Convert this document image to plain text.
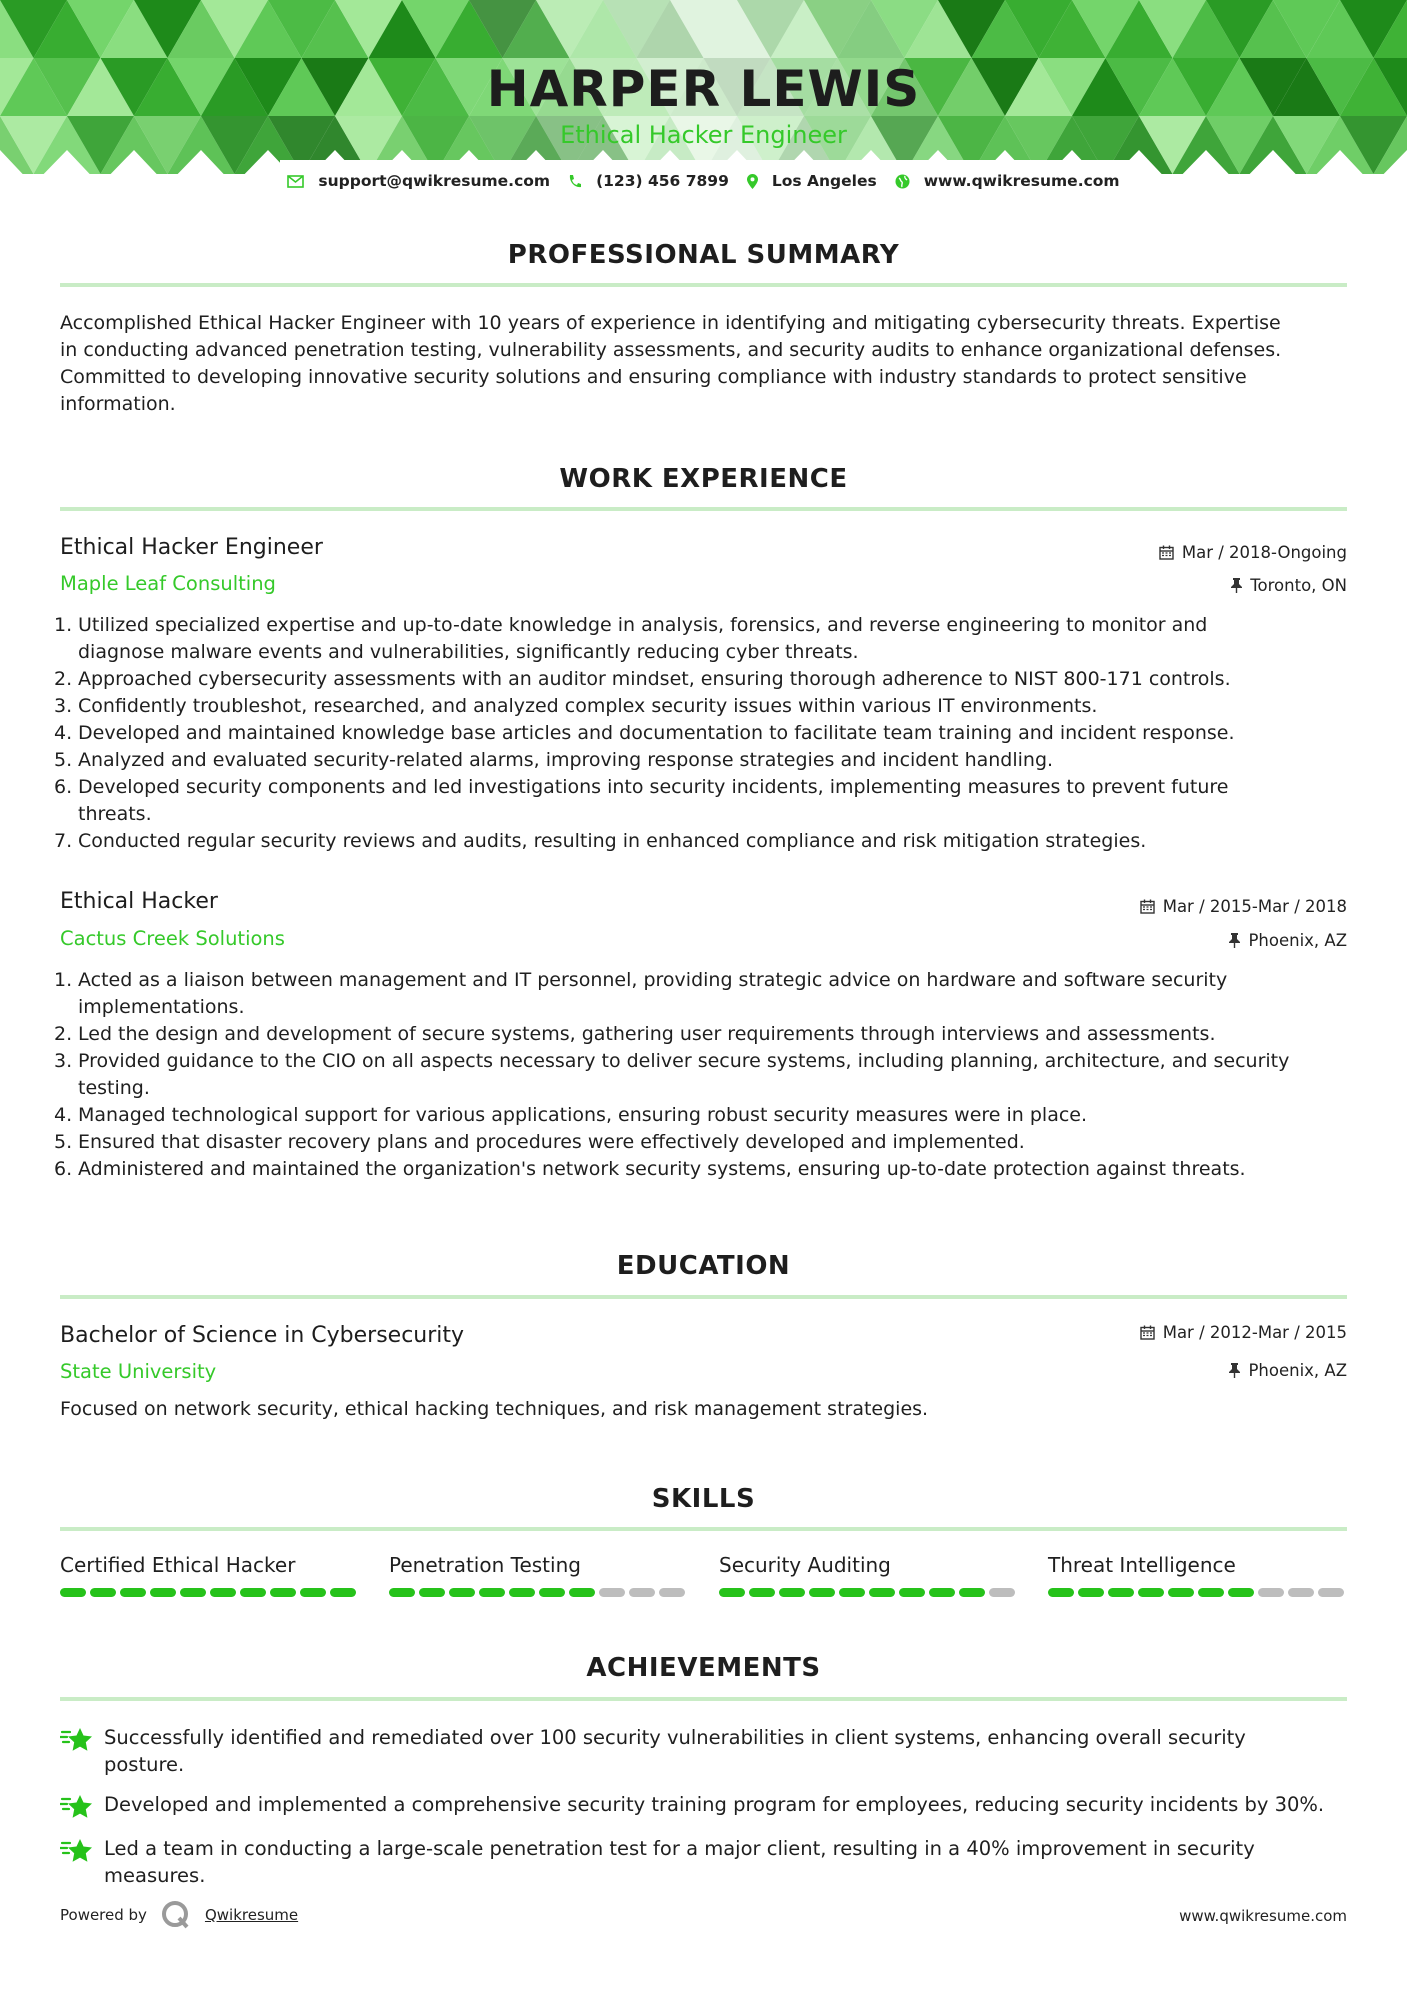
HARPER LEWIS
Ethical Hacker Engineer
support@qwikresume.com	(123) 456 7899	Los Angeles	www.qwikresume.com
PROFESSIONAL SUMMARY
Accomplished Ethical Hacker Engineer with 10 years of experience in identifying and mitigating cybersecurity threats. Expertise
in conducting advanced penetration testing, vulnerability assessments, and security audits to enhance organizational defenses.
Committed to developing innovative security solutions and ensuring compliance with industry standards to protect sensitive
information.
WORK EXPERIENCE
Ethical Hacker Engineer	Mar / 2018-Ongoing
Maple Leaf Consulting	Toronto, ON
1. Utilized specialized expertise and up-to-date knowledge in analysis, forensics, and reverse engineering to monitor and
diagnose malware events and vulnerabilities, significantly reducing cyber threats.
2. Approached cybersecurity assessments with an auditor mindset, ensuring thorough adherence to NIST 800-171 controls.
3. Confidently troubleshot, researched, and analyzed complex security issues within various IT environments.
4. Developed and maintained knowledge base articles and documentation to facilitate team training and incident response.
5. Analyzed and evaluated security-related alarms, improving response strategies and incident handling.
6. Developed security components and led investigations into security incidents, implementing measures to prevent future
threats.
7. Conducted regular security reviews and audits, resulting in enhanced compliance and risk mitigation strategies.
Ethical Hacker	Mar / 2015-Mar / 2018
Cactus Creek Solutions	Phoenix, AZ
1. Acted as a liaison between management and IT personnel, providing strategic advice on hardware and software security
implementations.
2. Led the design and development of secure systems, gathering user requirements through interviews and assessments.
3. Provided guidance to the CIO on all aspects necessary to deliver secure systems, including planning, architecture, and security
testing.
4. Managed technological support for various applications, ensuring robust security measures were in place.
5. Ensured that disaster recovery plans and procedures were effectively developed and implemented.
6. Administered and maintained the organization's network security systems, ensuring up-to-date protection against threats.
EDUCATION
Bachelor of Science in Cybersecurity	Mar / 2012-Mar / 2015
State University	Phoenix, AZ
Focused on network security, ethical hacking techniques, and risk management strategies.
SKILLS
Certified Ethical Hacker	Penetration Testing	Security Auditing	Threat Intelligence
ACHIEVEMENTS
Successfully identified and remediated over 100 security vulnerabilities in client systems, enhancing overall security
posture.
Developed and implemented a comprehensive security training program for employees, reducing security incidents by 30%.
Led a team in conducting a large-scale penetration test for a major client, resulting in a 40% improvement in security
measures.
Powered by	Qwikresume	www.qwikresume.com
